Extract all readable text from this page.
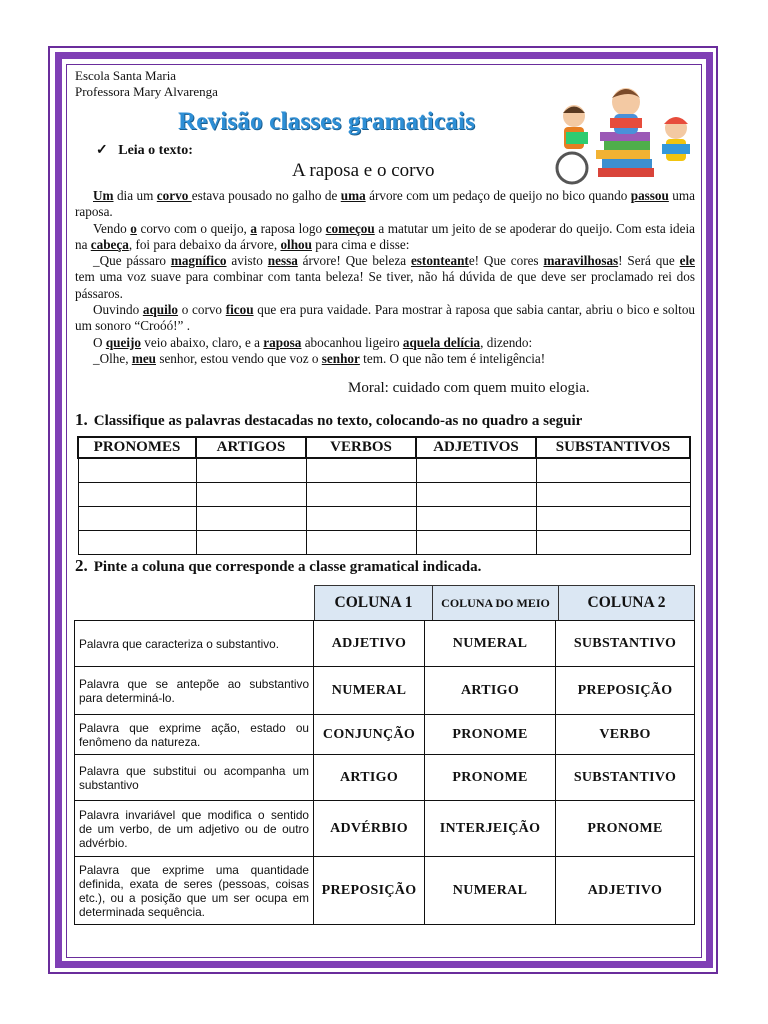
Escola Santa Maria
Professora Mary Alvarenga
Revisão classes gramaticais
✓ Leia o texto:
A raposa e o corvo

Um dia um corvo estava pousado no galho de uma árvore com um pedaço de queijo no bico quando passou uma raposa.

Vendo o corvo com o queijo, a raposa logo começou a matutar um jeito de se apoderar do queijo. Com esta ideia na cabeça, foi para debaixo da árvore, olhou para cima e disse:

_Que pássaro magnífico avisto nessa árvore! Que beleza estonteante! Que cores maravilhosas! Será que ele tem uma voz suave para combinar com tanta beleza! Se tiver, não há dúvida de que deve ser proclamado rei dos pássaros.

Ouvindo aquilo o corvo ficou que era pura vaidade. Para mostrar à raposa que sabia cantar, abriu o bico e soltou um sonoro “Croóó!” .

O queijo veio abaixo, claro, e a raposa abocanhou ligeiro aquela delícia, dizendo:

_Olhe, meu senhor, estou vendo que voz o senhor tem. O que não tem é inteligência!

Moral: cuidado com quem muito elogia.
1. Classifique as palavras destacadas no texto, colocando-as no quadro a seguir
PRONOMES	ARTIGOS	VERBOS	ADJETIVOS	SUBSTANTIVOS

2. Pinte a coluna que corresponde a classe gramatical indicada.
COLUNA 1	COLUNA DO MEIO	COLUNA 2
Palavra que caracteriza o substantivo.	ADJETIVO	NUMERAL	SUBSTANTIVO
Palavra que se antepõe ao substantivo para determiná-lo.	NUMERAL	ARTIGO	PREPOSIÇÃO
Palavra que exprime ação, estado ou fenômeno da natureza.	CONJUNÇÃO	PRONOME	VERBO
Palavra que substitui ou acompanha um substantivo	ARTIGO	PRONOME	SUBSTANTIVO
Palavra invariável que modifica o sentido de um verbo, de um adjetivo ou de outro advérbio.	ADVÉRBIO	INTERJEIÇÃO	PRONOME
Palavra que exprime uma quantidade definida, exata de seres (pessoas, coisas etc.), ou a posição que um ser ocupa em determinada sequência.	PREPOSIÇÃO	NUMERAL	ADJETIVO
